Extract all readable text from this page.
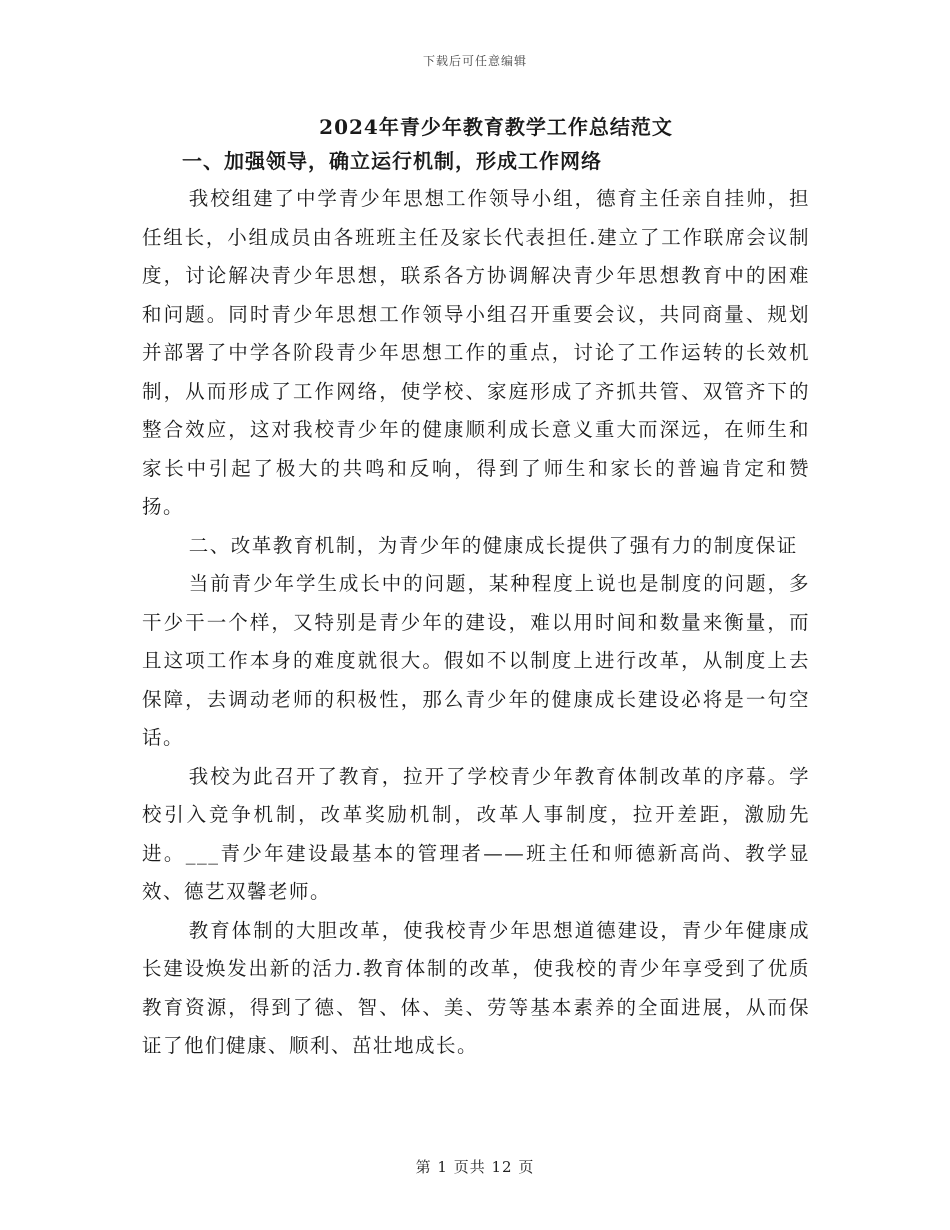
下载后可任意编辑
2024年青少年教育教学工作总结范文
一、加强领导，确立运行机制，形成工作网络

我校组建了中学青少年思想工作领导小组，德育主任亲自挂帅，担任组长，小组成员由各班班主任及家长代表担任.建立了工作联席会议制度，讨论解决青少年思想，联系各方协调解决青少年思想教育中的困难和问题。同时青少年思想工作领导小组召开重要会议，共同商量、规划并部署了中学各阶段青少年思想工作的重点，讨论了工作运转的长效机制，从而形成了工作网络，使学校、家庭形成了齐抓共管、双管齐下的整合效应，这对我校青少年的健康顺利成长意义重大而深远，在师生和家长中引起了极大的共鸣和反响，得到了师生和家长的普遍肯定和赞扬。

二、改革教育机制，为青少年的健康成长提供了强有力的制度保证

当前青少年学生成长中的问题，某种程度上说也是制度的问题，多干少干一个样，又特别是青少年的建设，难以用时间和数量来衡量，而且这项工作本身的难度就很大。假如不以制度上进行改革，从制度上去保障，去调动老师的积极性，那么青少年的健康成长建设必将是一句空话。

我校为此召开了教育，拉开了学校青少年教育体制改革的序幕。学校引入竞争机制，改革奖励机制，改革人事制度，拉开差距，激励先进。___青少年建设最基本的管理者——班主任和师德新高尚、教学显效、德艺双馨老师。

教育体制的大胆改革，使我校青少年思想道德建设，青少年健康成长建设焕发出新的活力.教育体制的改革，使我校的青少年享受到了优质教育资源，得到了德、智、体、美、劳等基本素养的全面进展，从而保证了他们健康、顺利、茁壮地成长。

第 1 页共 12 页
